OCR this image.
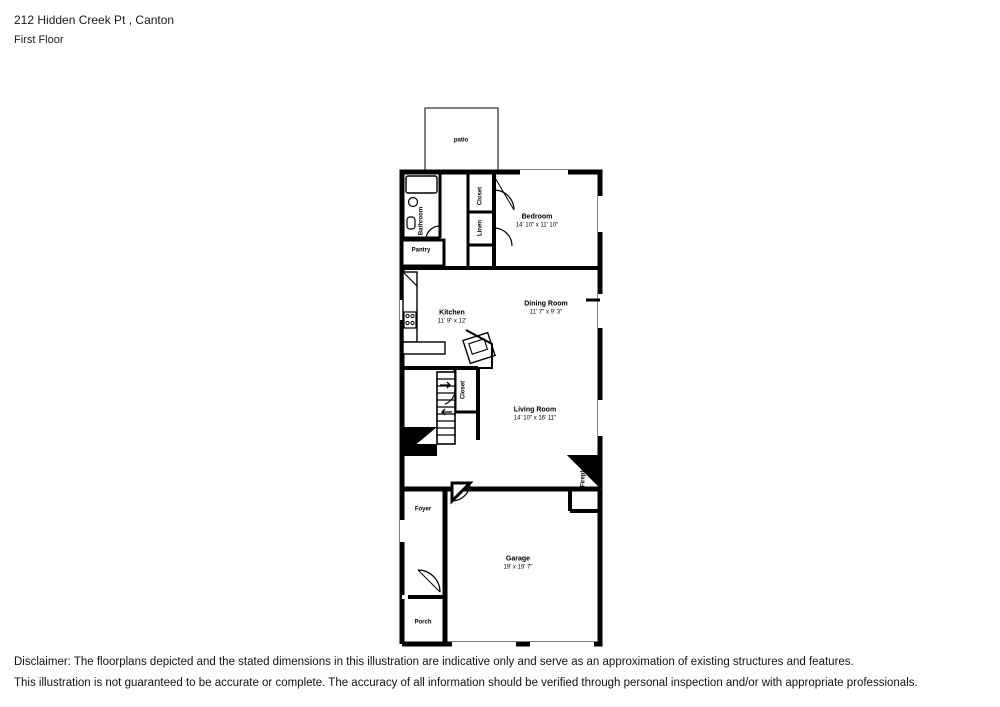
212 Hidden Creek Pt , Canton
First Floor
patio
Closet
Linen
Bathroom
Pantry
Bedroom
14' 10" x 11' 10"
Dining Room
11' 7" x 9' 3"
Kitchen
11' 9" x 12'
Closet
Living Room
14' 10" x 16' 11"
Fireplace
Foyer
Garage
19' x 19' 7"
Porch
Disclaimer: The floorplans depicted and the stated dimensions in this illustration are indicative only and serve as an approximation of existing structures and features.
This illustration is not guaranteed to be accurate or complete. The accuracy of all information should be verified through personal inspection and/or with appropriate professionals.
